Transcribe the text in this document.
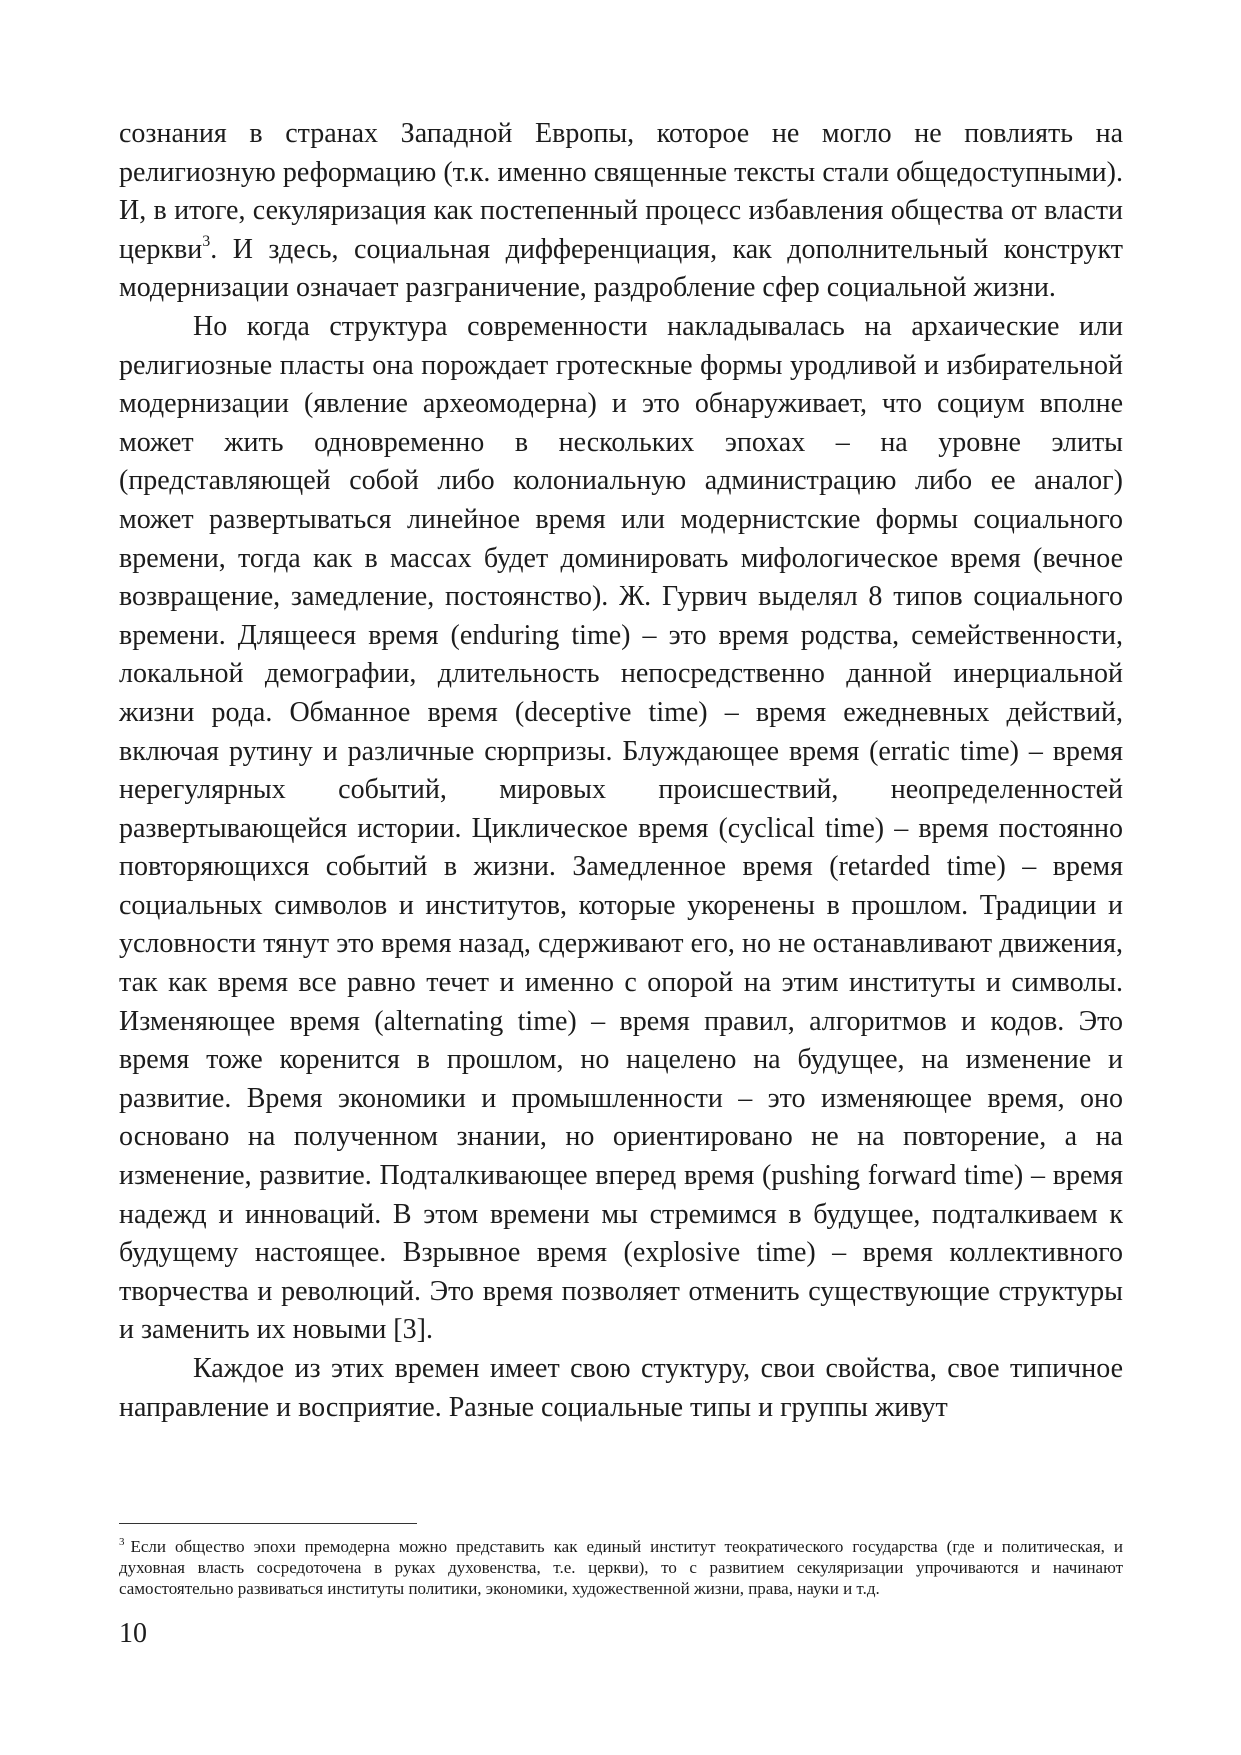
сознания в странах Западной Европы, которое не могло не повлиять на религиозную реформацию (т.к. именно священные тексты стали общедоступными). И, в итоге, секуляризация как постепенный процесс избавления общества от власти церкви$^3$. И здесь, социальная дифференциация, как дополнительный конструкт модернизации означает разграничение, раздробление сфер социальной жизни.

Но когда структура современности накладывалась на архаические или религиозные пласты она порождает гротескные формы уродливой и избирательной модернизации (явление археомодерна) и это обнаруживает, что социум вполне может жить одновременно в нескольких эпохах – на уровне элиты (представляющей собой либо колониальную администрацию либо ее аналог) может развертываться линейное время или модернистские формы социального времени, тогда как в массах будет доминировать мифологическое время (вечное возвращение, замедление, постоянство). Ж. Гурвич выделял 8 типов социального времени. Длящееся время (enduring time) – это время родства, семейственности, локальной демографии, длительность непосредственно данной инерциальной жизни рода. Обманное время (deceptive time) – время ежедневных действий, включая рутину и различные сюрпризы. Блуждающее время (erratic time) – время нерегулярных событий, мировых происшествий, неопределенностей развертывающейся истории. Циклическое время (cyclical time) – время постоянно повторяющихся событий в жизни. Замедленное время (retarded time) – время социальных символов и институтов, которые укоренены в прошлом. Традиции и условности тянут это время назад, сдерживают его, но не останавливают движения, так как время все равно течет и именно с опорой на этим институты и символы. Изменяющее время (alternating time) – время правил, алгоритмов и кодов. Это время тоже коренится в прошлом, но нацелено на будущее, на изменение и развитие. Время экономики и промышленности – это изменяющее время, оно основано на полученном знании, но ориентировано не на повторение, а на изменение, развитие. Подталкивающее вперед время (pushing forward time) – время надежд и инноваций. В этом времени мы стремимся в будущее, подталкиваем к будущему настоящее. Взрывное время (explosive time) – время коллективного творчества и революций. Это время позволяет отменить существующие структуры и заменить их новыми [3].

Каждое из этих времен имеет свою стуктуру, свои свойства, свое типичное направление и восприятие. Разные социальные типы и группы живут

$^3$ Если общество эпохи премодерна можно представить как единый институт теократического государства (где и политическая, и духовная власть сосредоточена в руках духовенства, т.е. церкви), то с развитием секуляризации упрочиваются и начинают самостоятельно развиваться институты политики, экономики, художественной жизни, права, науки и т.д.

10
